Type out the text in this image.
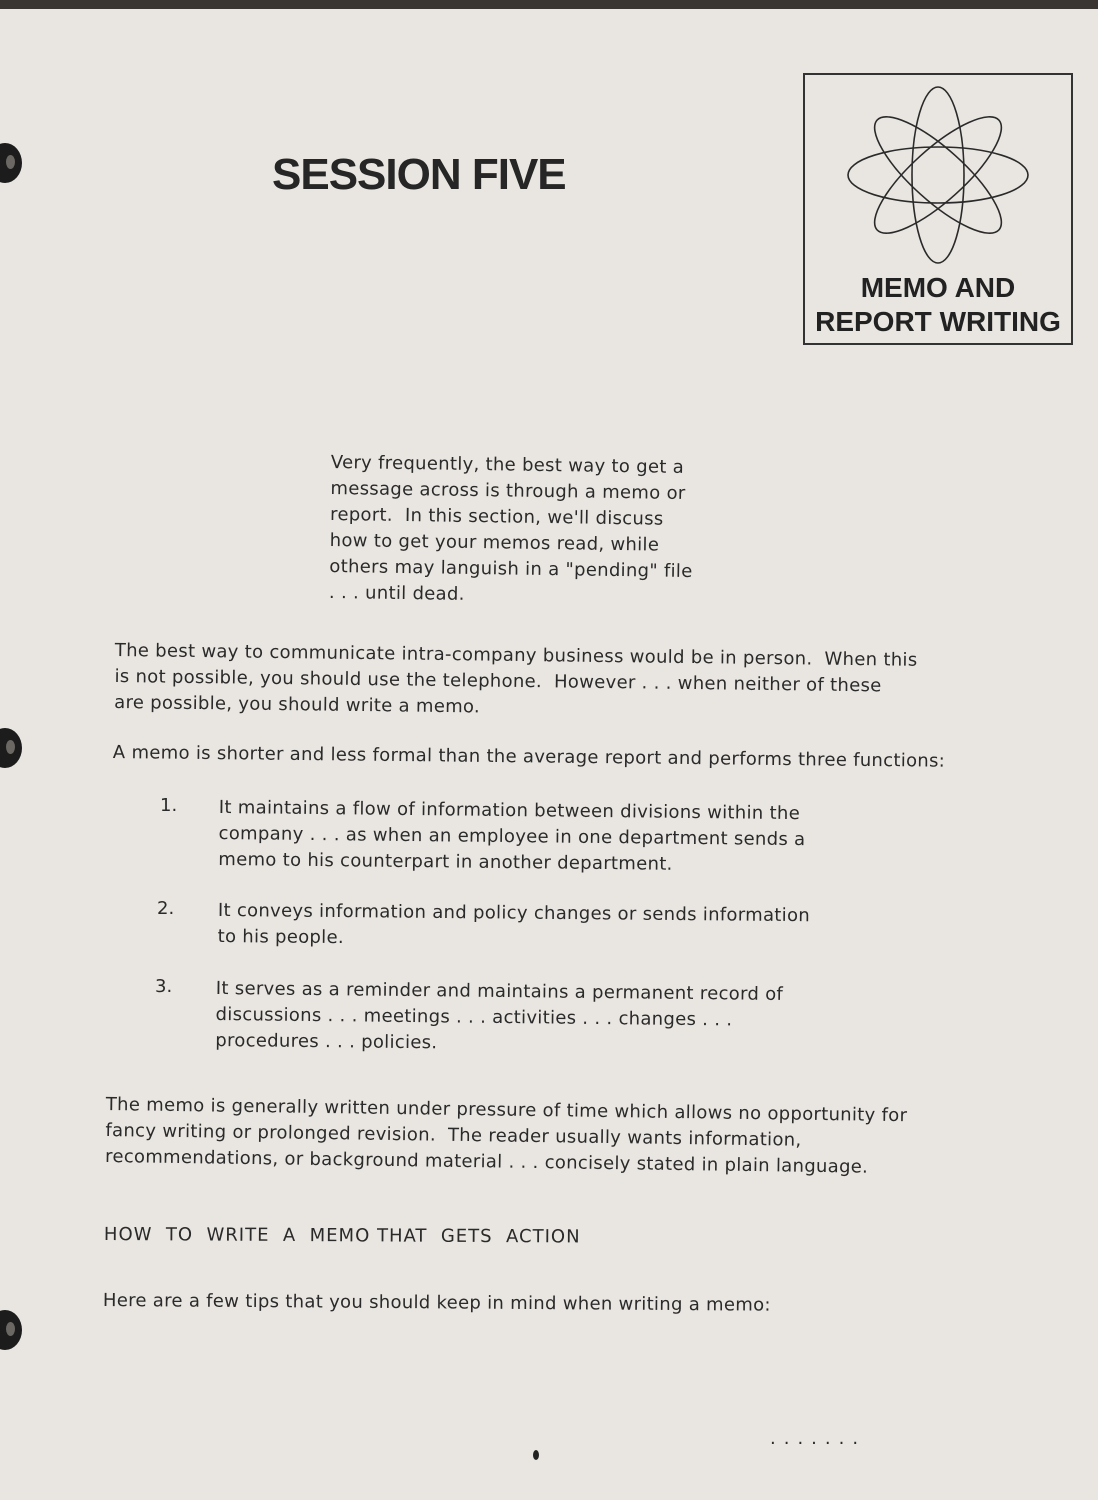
SESSION FIVE
MEMO AND
REPORT WRITING

Very frequently, the best way to get a
message across is through a memo or
report.  In this section, we'll discuss
how to get your memos read, while
others may languish in a "pending" file
. . . until dead.

The best way to communicate intra-company business would be in person.  When this
is not possible, you should use the telephone.  However . . . when neither of these
are possible, you should write a memo.

A memo is shorter and less formal than the average report and performs three functions:

1. It maintains a flow of information between divisions within the
company . . . as when an employee in one department sends a
memo to his counterpart in another department.

2. It conveys information and policy changes or sends information
to his people.

3. It serves as a reminder and maintains a permanent record of
discussions . . . meetings . . . activities . . . changes . . .
procedures . . . policies.

The memo is generally written under pressure of time which allows no opportunity for
fancy writing or prolonged revision.  The reader usually wants information,
recommendations, or background material . . . concisely stated in plain language.

HOW  TO  WRITE  A  MEMO THAT  GETS  ACTION

Here are a few tips that you should keep in mind when writing a memo:

.......
